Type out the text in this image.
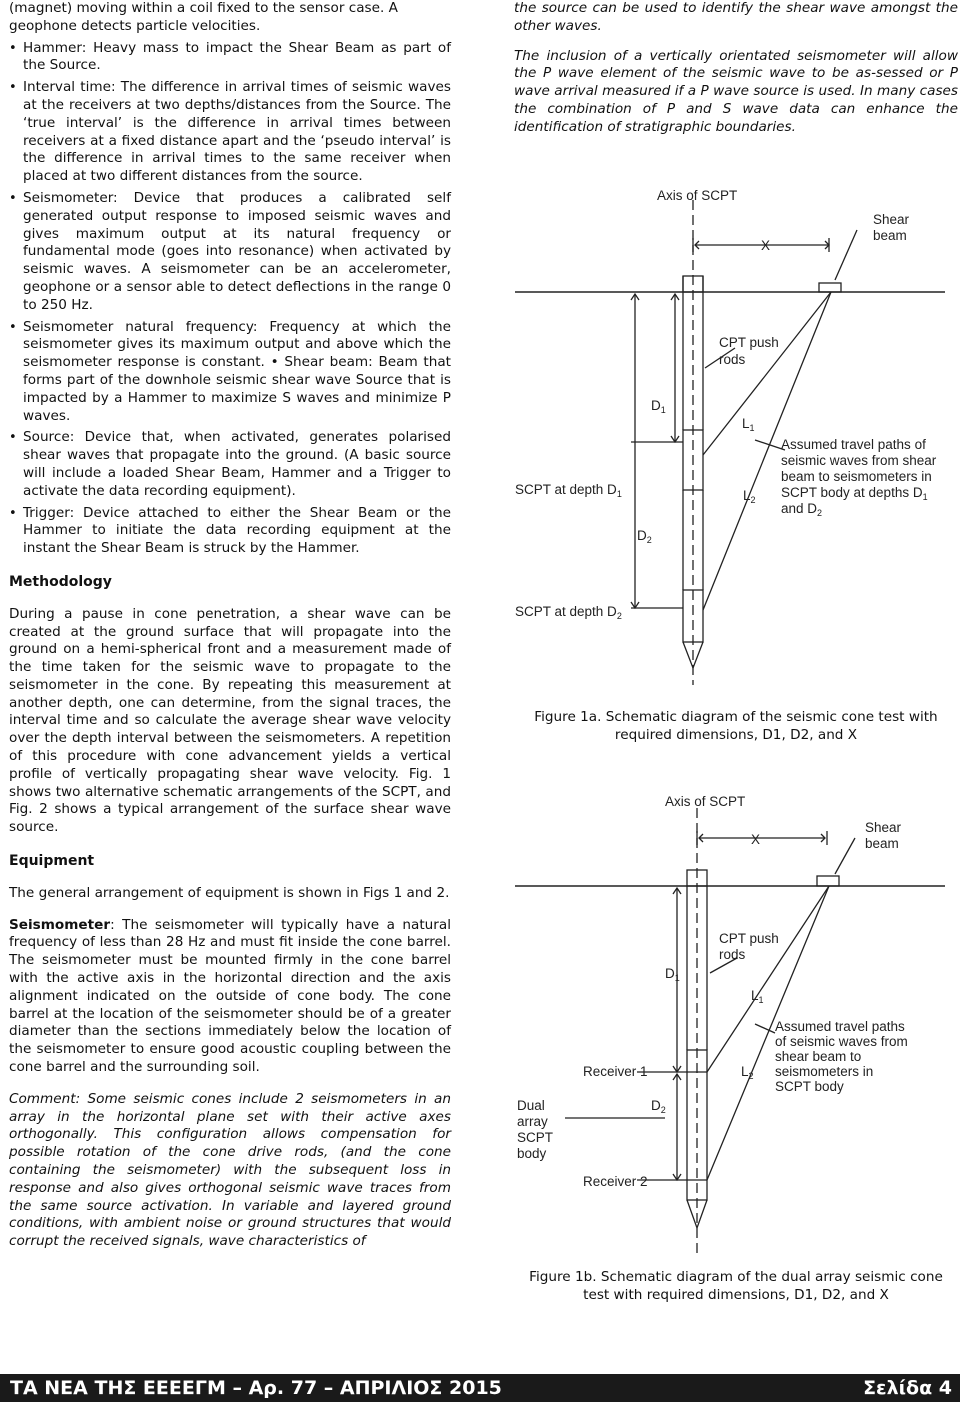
(magnet) moving within a coil fixed to the sensor case. A
geophone detects particle velocities.

• Hammer: Heavy mass to impact the Shear Beam as part of the Source.
• Interval time: The difference in arrival times of seismic waves at the receivers at two depths/distances from the Source. The ‘true interval’ is the difference in arrival times between receivers at a fixed distance apart and the ‘pseudo interval’ is the difference in arrival times to the same receiver when placed at two different distances from the source.
• Seismometer: Device that produces a calibrated self generated output response to imposed seismic waves and gives maximum output at its natural frequency or fundamental mode (goes into resonance) when activated by seismic waves. A seismometer can be an accelerometer, geophone or a sensor able to detect deflections in the range 0 to 250 Hz.
• Seismometer natural frequency: Frequency at which the seismometer gives its maximum output and above which the seismometer response is constant. • Shear beam: Beam that forms part of the downhole seismic shear wave Source that is impacted by a Hammer to maximize S waves and minimize P waves.
• Source: Device that, when activated, generates polarised shear waves that propagate into the ground. (A basic source will include a loaded Shear Beam, Hammer and a Trigger to activate the data recording equipment).
• Trigger: Device attached to either the Shear Beam or the Hammer to initiate the data recording equipment at the instant the Shear Beam is struck by the Hammer.
Methodology

During a pause in cone penetration, a shear wave can be created at the ground surface that will propagate into the ground on a hemi-spherical front and a measurement made of the time taken for the seismic wave to propagate to the seismometer in the cone. By repeating this measurement at another depth, one can determine, from the signal traces, the interval time and so calculate the average shear wave velocity over the depth interval between the seismometers. A repetition of this procedure with cone advancement yields a vertical profile of vertically propagating shear wave velocity. Fig. 1 shows two alternative schematic arrangements of the SCPT, and Fig. 2 shows a typical arrangement of the surface shear wave source.

Equipment

The general arrangement of equipment is shown in Figs 1 and 2.

Seismometer: The seismometer will typically have a natural frequency of less than 28 Hz and must fit inside the cone barrel. The seismometer must be mounted firmly in the cone barrel with the active axis in the horizontal direction and the axis alignment indicated on the outside of cone body. The cone barrel at the location of the seismometer should be of a greater diameter than the sections immediately below the location of the seismometer to ensure good acoustic coupling between the cone barrel and the surrounding soil.

Comment: Some seismic cones include 2 seismometers in an array in the horizontal plane set with their active axes orthogonally. This configuration allows compensation for possible rotation of the cone drive rods, (and the cone containing the seismometer) with the subsequent loss in response and also gives orthogonal seismic wave traces from the same source activation. In variable and layered ground conditions, with ambient noise or ground structures that would corrupt the received signals, wave characteristics of

the source can be used to identify the shear wave amongst the other waves.

The inclusion of a vertically orientated seismometer will allow the P wave element of the seismic wave to be as-sessed or P wave arrival measured if a P wave source is used. In many cases the combination of P and S wave data can enhance the identification of stratigraphic boundaries.

Axis of SCPT
Shear
beam
X
CPT push
rods
$D_1$
$L_1$
Assumed travel paths of
seismic waves from shear
beam to seismometers in
SCPT body at depths $D_1$
and $D_2$
$L_2$
SCPT at depth $D_1$
$D_2$
SCPT at depth $D_2$
Figure 1a. Schematic diagram of the seismic cone test with required dimensions, D1, D2, and X
Axis of SCPT
Shear
beam
X
CPT push
rods
$D_1$
$L_1$
Assumed travel paths
of seismic waves from
shear beam to
seismometers in
SCPT body
$L_2$
Receiver 1
Receiver 2
$D_2$
Dual
array
SCPT
body
Figure 1b. Schematic diagram of the dual array seismic cone test with required dimensions, D1, D2, and X
ΤΑ ΝΕΑ ΤΗΣ ΕΕΕΕΓΜ – Αρ. 77 – ΑΠΡΙΛΙΟΣ 2015	Σελίδα 4
